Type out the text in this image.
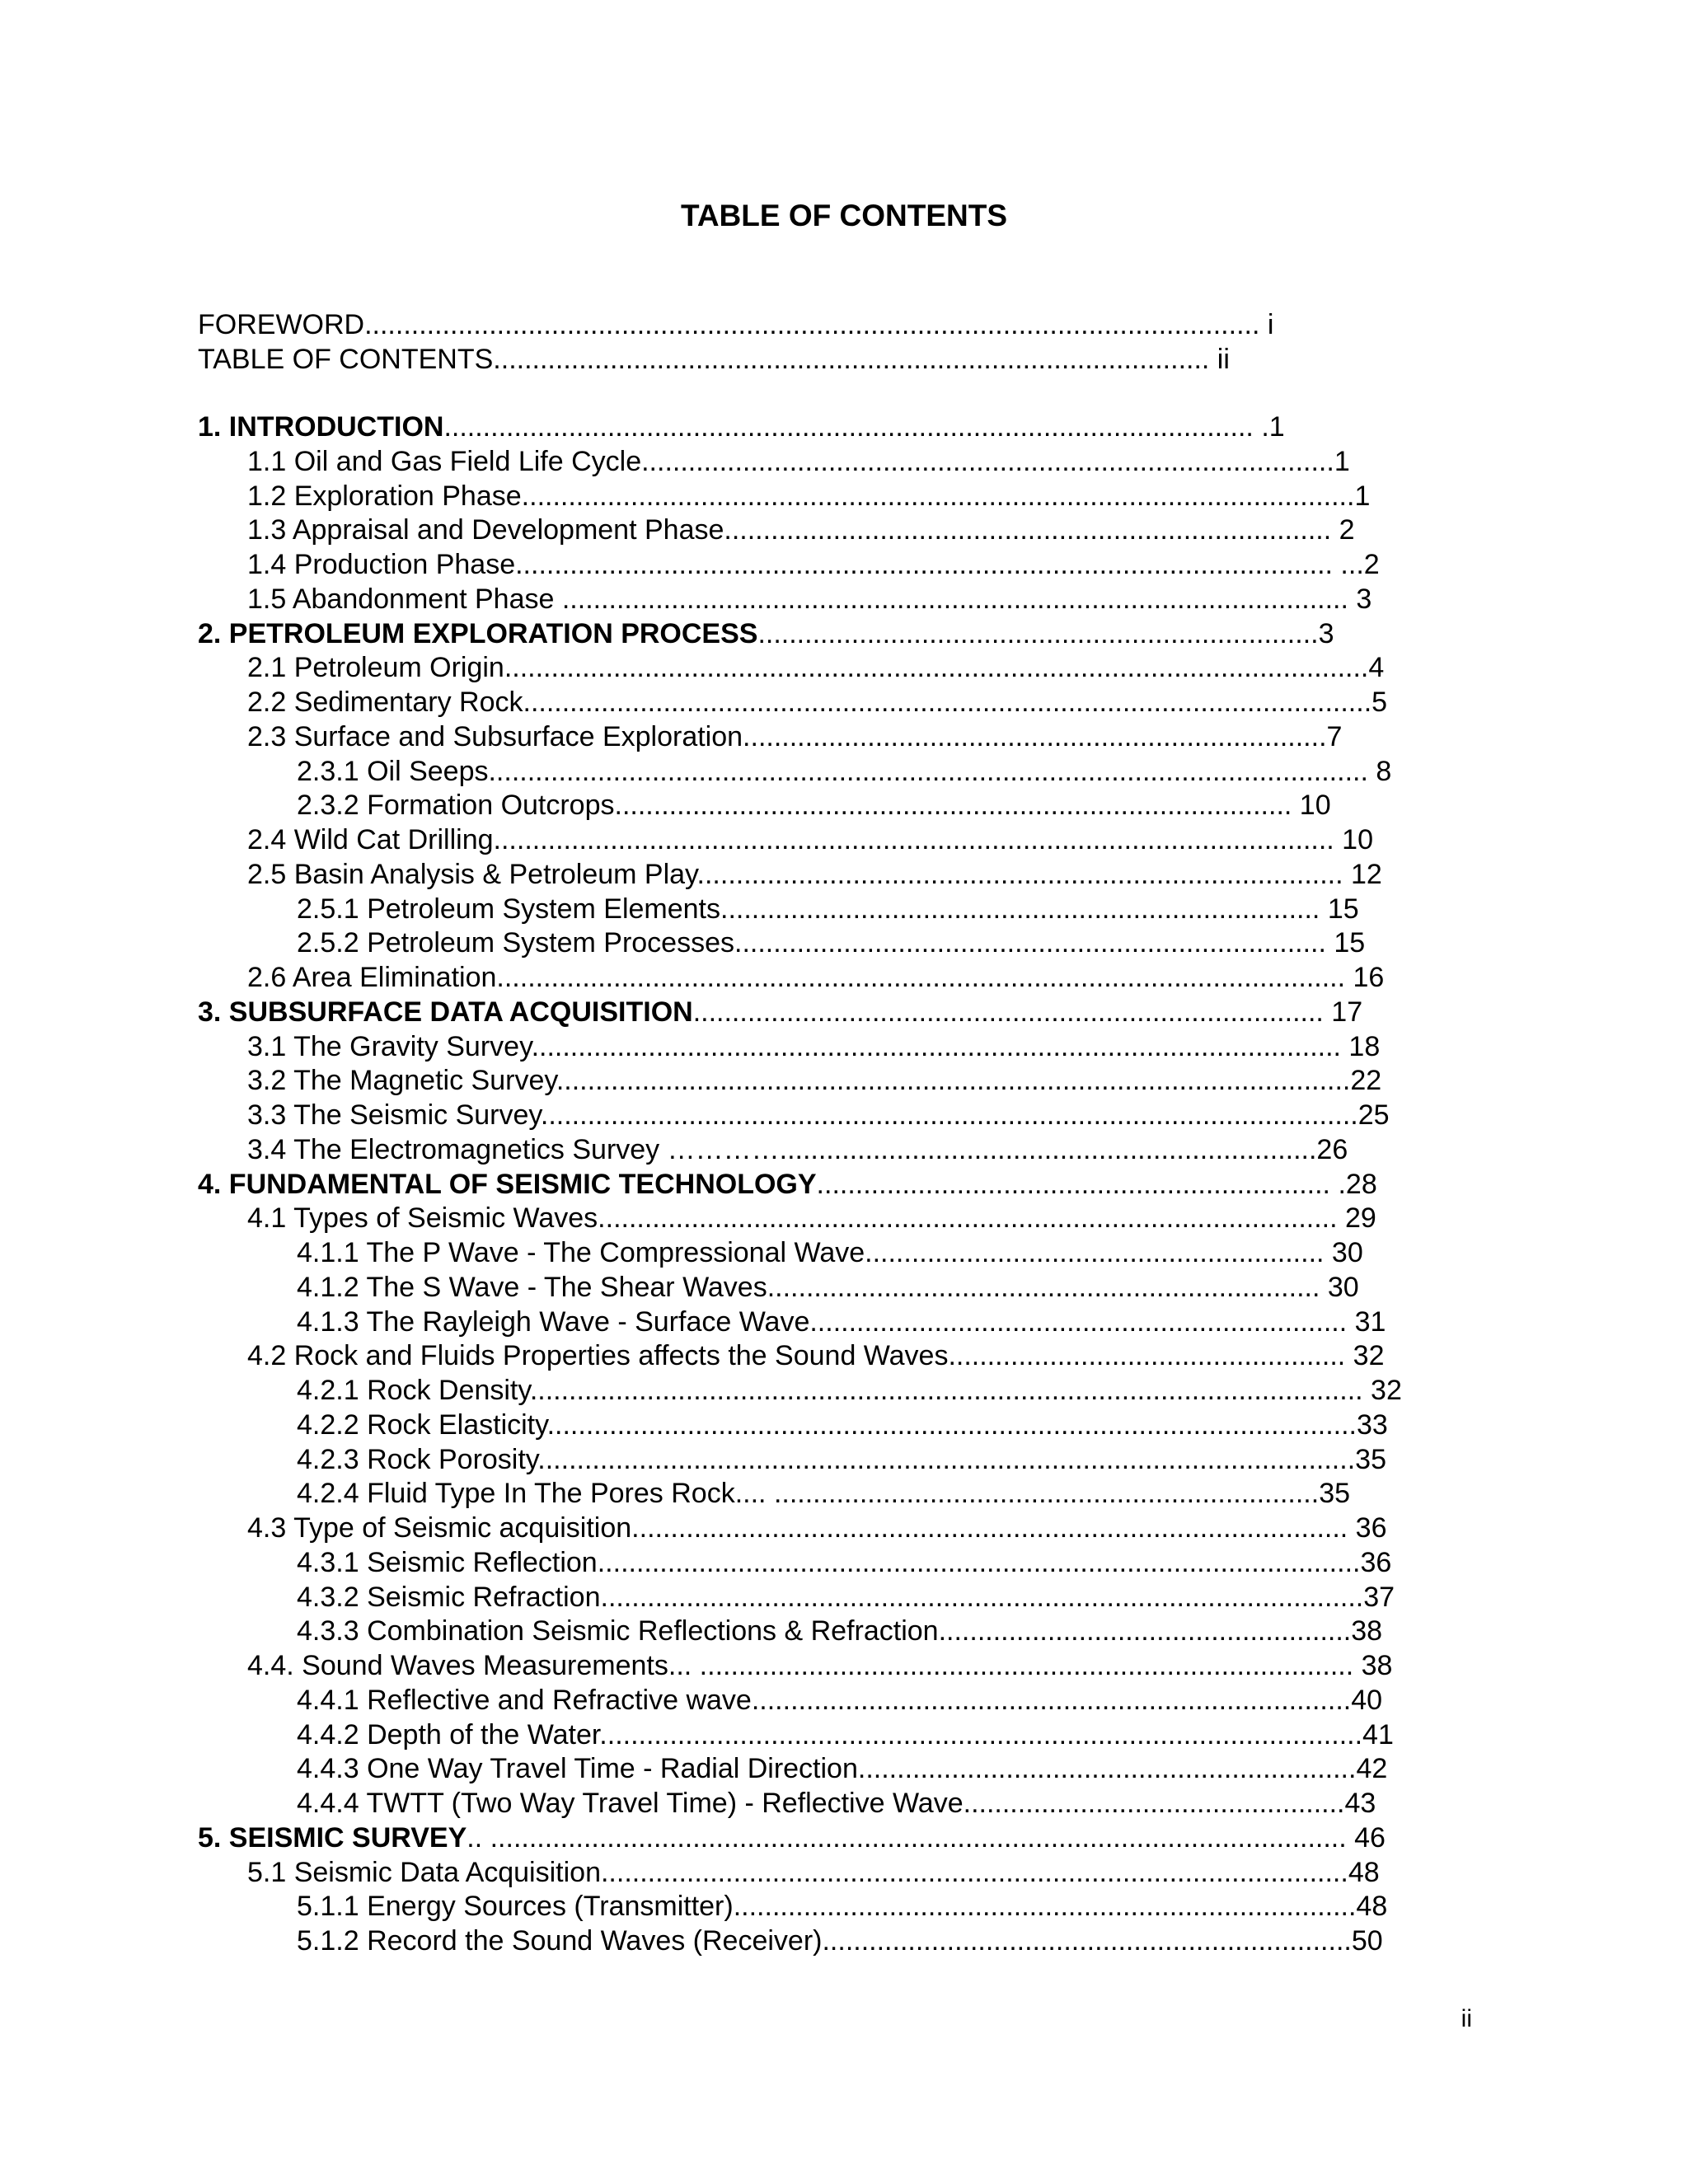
TABLE OF CONTENTS
FOREWORD................................................................................................................... i
TABLE OF CONTENTS............................................................................................ ii
1. INTRODUCTION........................................................................................................ .1
1.1 Oil and Gas Field Life Cycle.........................................................................................1
1.2 Exploration Phase...........................................................................................................1
1.3 Appraisal and Development Phase.............................................................................. 2
1.4 Production Phase......................................................................................................... ...2
1.5 Abandonment Phase ..................................................................................................... 3
2. PETROLEUM EXPLORATION PROCESS........................................................................3
2.1 Petroleum Origin...............................................................................................................4
2.2 Sedimentary Rock.............................................................................................................5
2.3 Surface and Subsurface Exploration...........................................................................7
2.3.1 Oil Seeps................................................................................................................. 8
2.3.2 Formation Outcrops....................................................................................... 10
2.4 Wild Cat Drilling............................................................................................................ 10
2.5 Basin Analysis & Petroleum Play................................................................................... 12
2.5.1 Petroleum System Elements............................................................................. 15
2.5.2 Petroleum System Processes............................................................................ 15
2.6 Area Elimination............................................................................................................. 16
3. SUBSURFACE DATA ACQUISITION................................................................................. 17
3.1 The Gravity Survey........................................................................................................ 18
3.2 The Magnetic Survey......................................................................................................22
3.3 The Seismic Survey.........................................................................................................25
3.4 The Electromagnetics Survey ………….....................................................................26
4. FUNDAMENTAL OF SEISMIC TECHNOLOGY.................................................................. .28
4.1 Types of Seismic Waves............................................................................................... 29
4.1.1 The P Wave - The Compressional Wave........................................................... 30
4.1.2 The S Wave - The Shear Waves....................................................................... 30
4.1.3 The Rayleigh Wave - Surface Wave..................................................................... 31
4.2 Rock and Fluids Properties affects the Sound Waves................................................... 32
4.2.1 Rock Density........................................................................................................... 32
4.2.2 Rock Elasticity........................................................................................................33
4.2.3 Rock Porosity.........................................................................................................35
4.2.4 Fluid Type In The Pores Rock.... ......................................................................35
4.3 Type of Seismic acquisition............................................................................................ 36
4.3.1 Seismic Reflection..................................................................................................36
4.3.2 Seismic Refraction..................................................................................................37
4.3.3 Combination Seismic Reflections & Refraction.....................................................38
4.4. Sound Waves Measurements... .................................................................................... 38
4.4.1 Reflective and Refractive wave.............................................................................40
4.4.2 Depth of the Water..................................................................................................41
4.4.3 One Way Travel Time - Radial Direction................................................................42
4.4.4 TWTT (Two Way Travel Time) - Reflective Wave.................................................43
5. SEISMIC SURVEY.. .............................................................................................................. 46
5.1 Seismic Data Acquisition................................................................................................48
5.1.1 Energy Sources (Transmitter)................................................................................48
5.1.2 Record the Sound Waves (Receiver)....................................................................50
ii
